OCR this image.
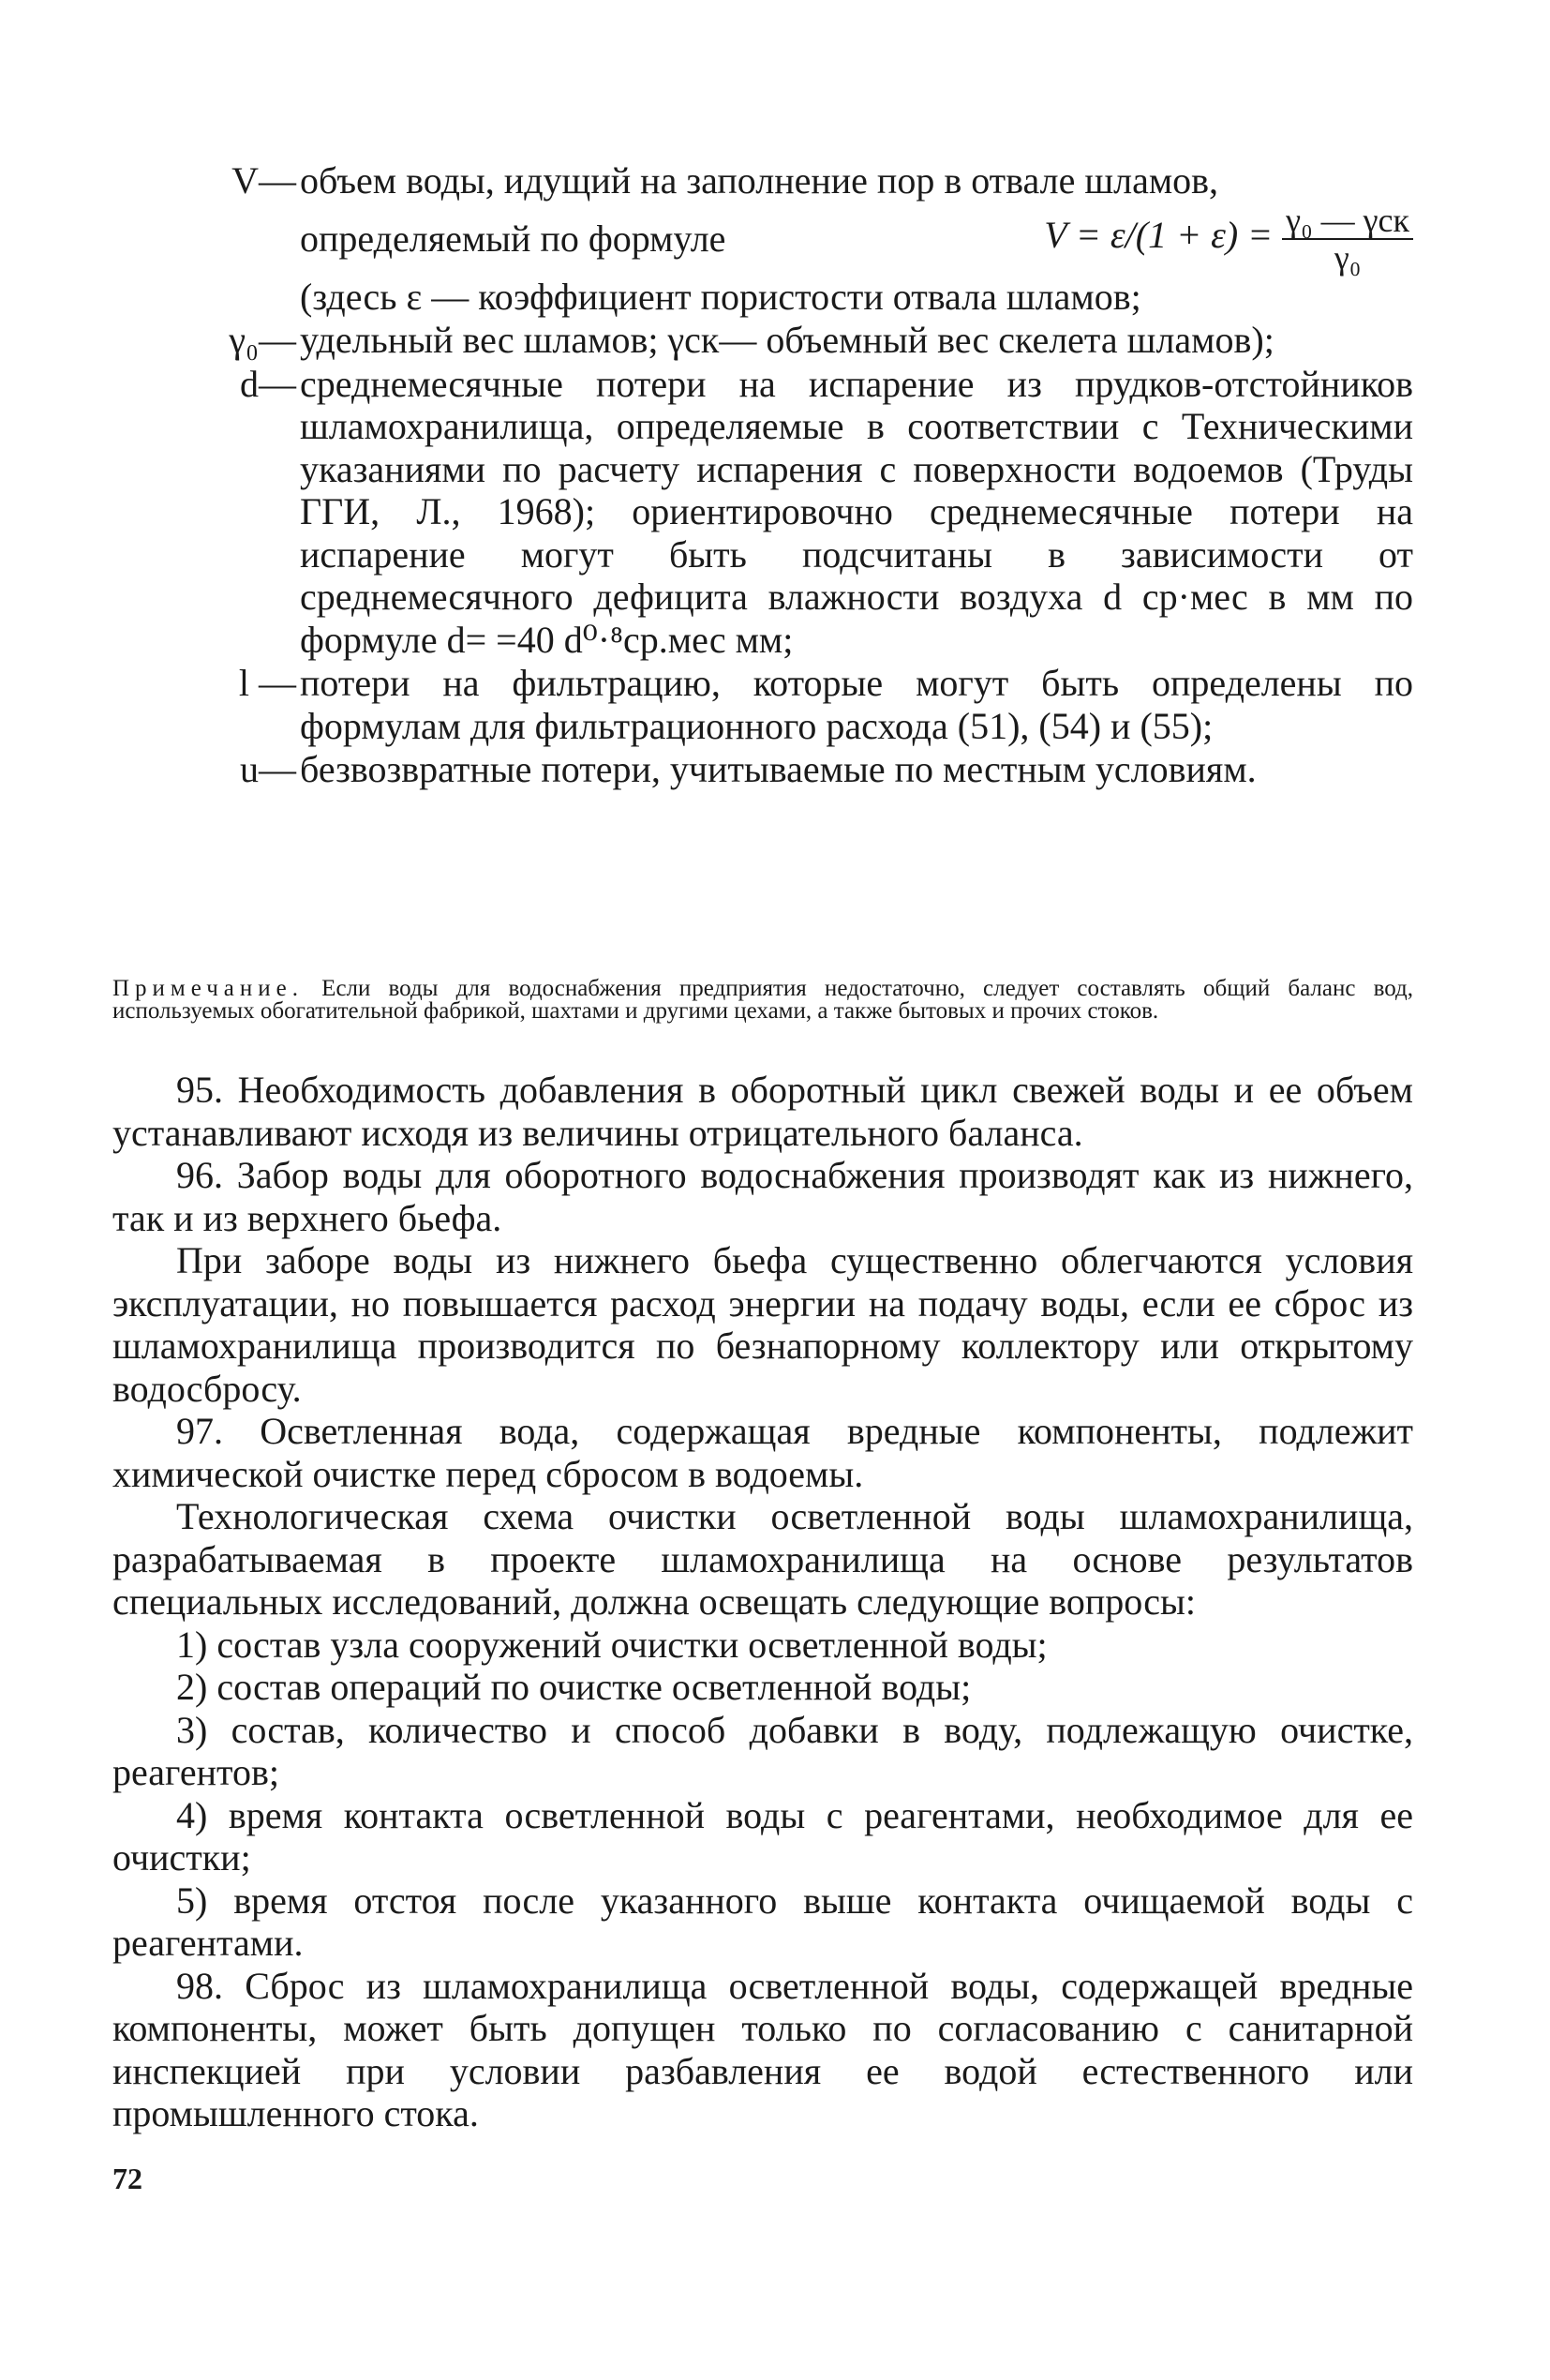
V— объем воды, идущий на заполнение пор в отвале шламов,
определяемый по формуле	$V = \varepsilon/(1 + \varepsilon) = \frac{\text{γ₀ — γск}}{\text{γ₀}}$
(здесь ε — коэффициент пористости отвала шламов;
γ₀— удельный вес шламов; γск— объемный вес скелета шламов);
d— среднемесячные потери на испарение из прудков-отстойников шламохранилища, определяемые в соответствии с Техническими указаниями по расчету испарения с поверхности водоемов (Труды ГГИ, Л., 1968); ориентировочно среднемесячные потери на испарение могут быть подсчитаны в зависимости от среднемесячного дефицита влажности воздуха d ср·мес в мм по формуле d= =40 d⁰·⁸ср.мес мм;
l — потери на фильтрацию, которые могут быть определены по формулам для фильтрационного расхода (51), (54) и (55);
u— безвозвратные потери, учитываемые по местным условиям.
Примечание. Если воды для водоснабжения предприятия недостаточно, следует составлять общий баланс вод, используемых обогатительной фабрикой, шахтами и другими цехами, а также бытовых и прочих стоков.

95. Необходимость добавления в оборотный цикл свежей воды и ее объем устанавливают исходя из величины отрицательного баланса.

96. Забор воды для оборотного водоснабжения производят как из нижнего, так и из верхнего бьефа.

При заборе воды из нижнего бьефа существенно облегчаются условия эксплуатации, но повышается расход энергии на подачу воды, если ее сброс из шламохранилища производится по безнапорному коллектору или открытому водосбросу.

97. Осветленная вода, содержащая вредные компоненты, подлежит химической очистке перед сбросом в водоемы.

Технологическая схема очистки осветленной воды шламохранилища, разрабатываемая в проекте шламохранилища на основе результатов специальных исследований, должна освещать следующие вопросы:

1) состав узла сооружений очистки осветленной воды;

2) состав операций по очистке осветленной воды;

3) состав, количество и способ добавки в воду, подлежащую очистке, реагентов;

4) время контакта осветленной воды с реагентами, необходимое для ее очистки;

5) время отстоя после указанного выше контакта очищаемой воды с реагентами.

98. Сброс из шламохранилища осветленной воды, содержащей вредные компоненты, может быть допущен только по согласованию с санитарной инспекцией при условии разбавления ее водой естественного или промышленного стока.

72
